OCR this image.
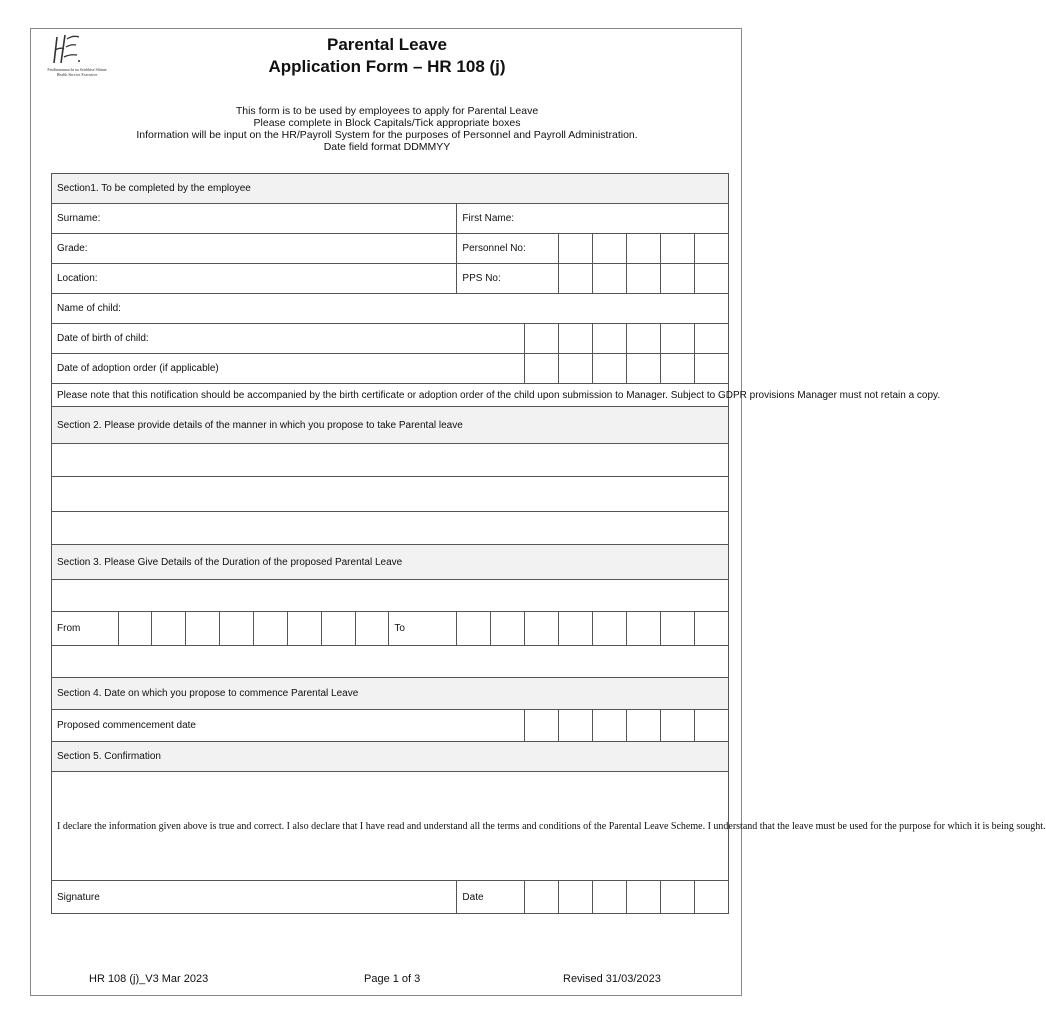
Feidhmeannacht na Seirbhíse Sláinte
Health Service Executive
Parental Leave
Application Form – HR 108 (j)
This form is to be used by employees to apply for Parental Leave
Please complete in Block Capitals/Tick appropriate boxes
Information will be input on the HR/Payroll System for the purposes of Personnel and Payroll Administration.
Date field format DDMMYY
Section1. To be completed by the employee																	
Surname:										First Name:							
Grade:										Personnel No:							
Location:										PPS No:							
Name of child:																	
Date of birth of child:																	
Date of adoption order (if applicable)																	
Please note that this notification should be accompanied by the birth certificate or adoption order of the child upon submission to Manager. Subject to GDPR provisions Manager must not retain a copy.																	
Section 2. Please provide details of the manner in which you propose to take Parental leave																	

Section 3. Please Give Details of the Duration of the proposed Parental Leave																	

From									To								

Section 4. Date on which you propose to commence Parental Leave																	
Proposed commencement date																	
Section 5. Confirmation																	
I declare the information given above is true and correct. I also declare that I have read and understand all the terms and conditions of the Parental Leave Scheme. I understand that the leave must be used for the purpose for which it is being sought.																	
Signature										Date							
HR 108 (j)_V3 Mar 2023	Page 1 of 3	Revised 31/03/2023
